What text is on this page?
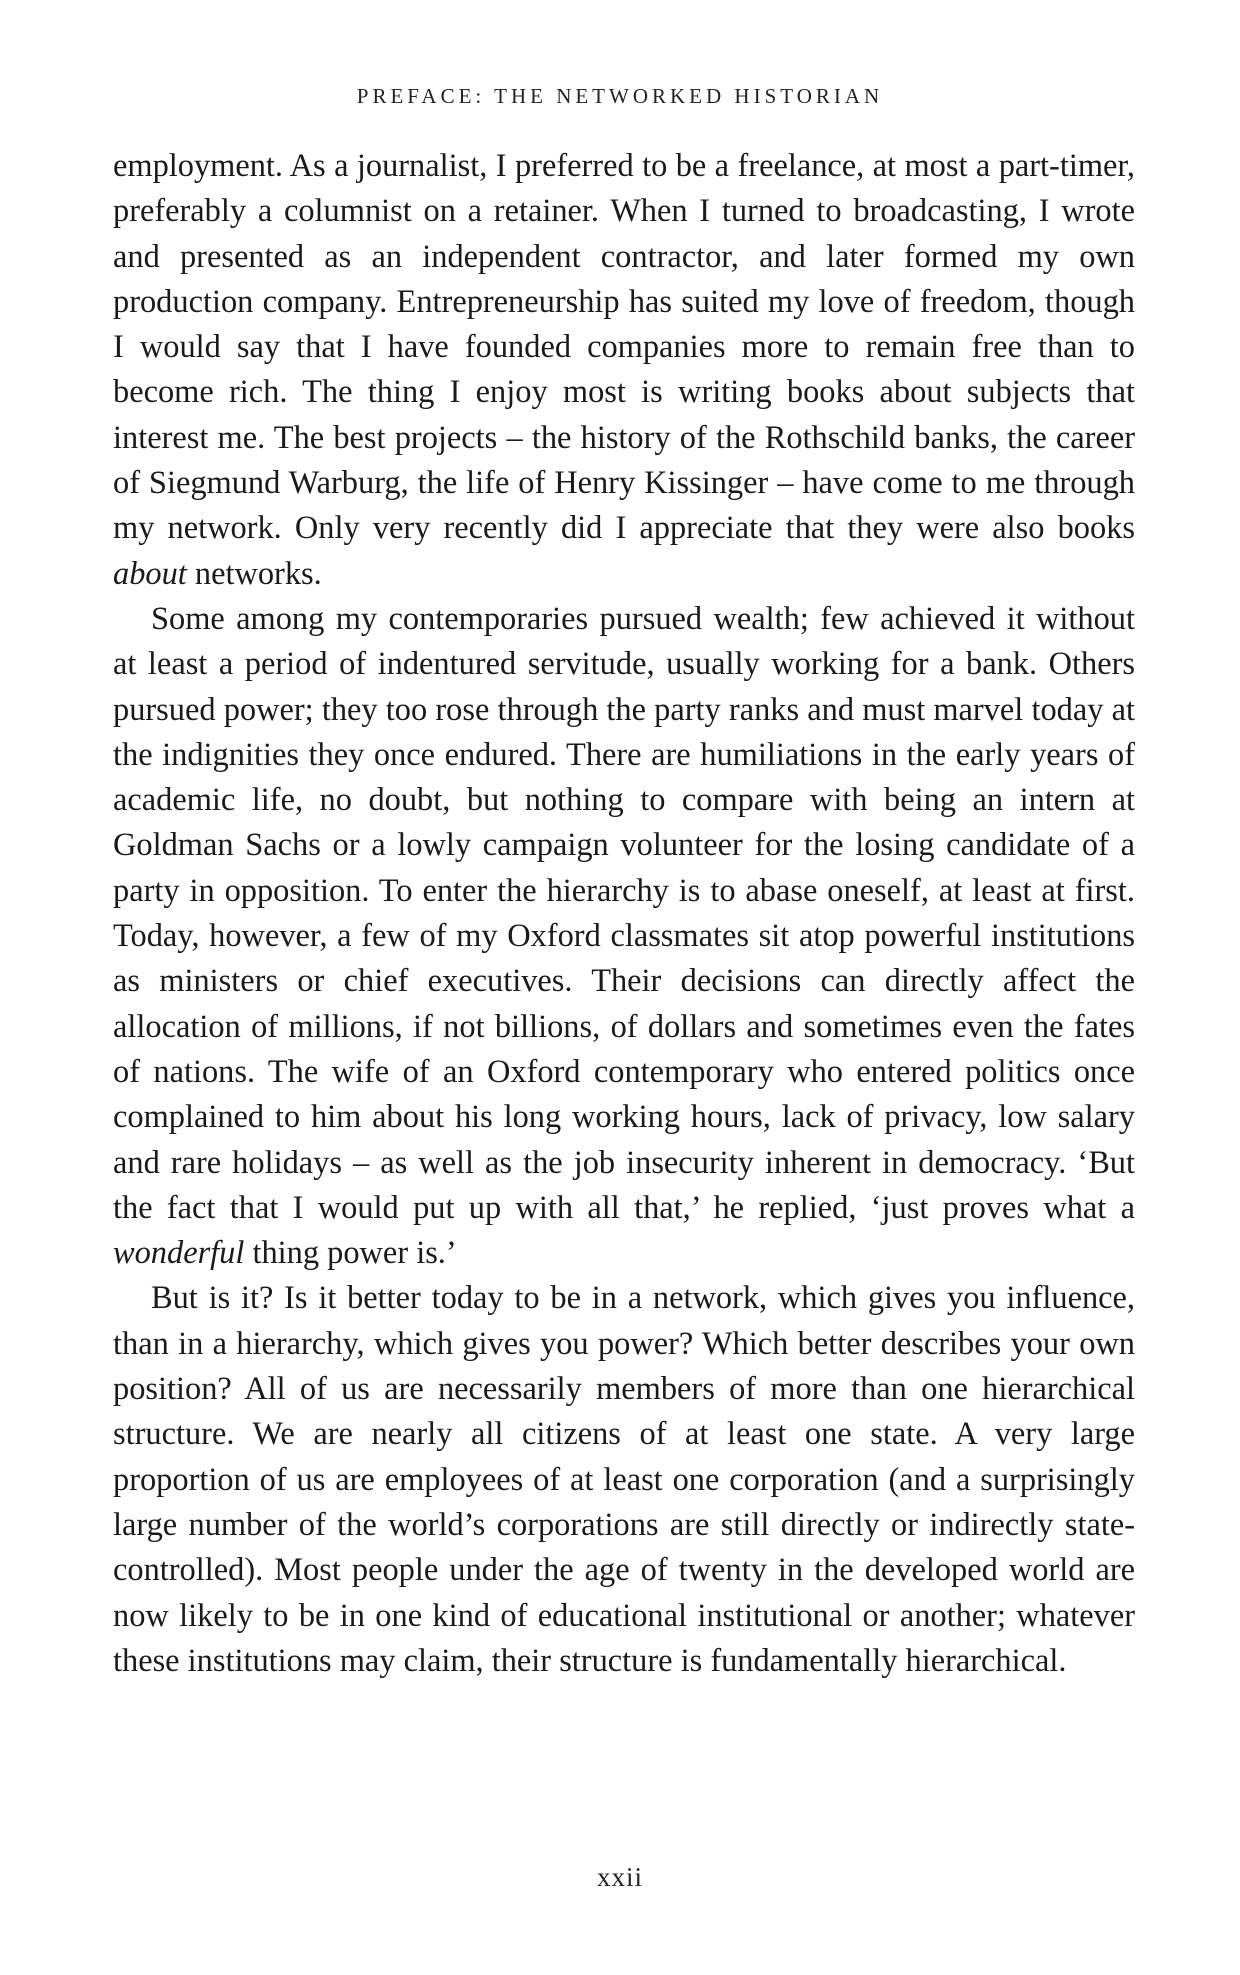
PREFACE: THE NETWORKED HISTORIAN

employment. As a journalist, I preferred to be a freelance, at most a part-timer, preferably a columnist on a retainer. When I turned to broadcasting, I wrote and presented as an independent contractor, and later formed my own production company. Entrepreneurship has suited my love of freedom, though I would say that I have founded companies more to remain free than to become rich. The thing I enjoy most is writing books about subjects that interest me. The best projects – the history of the Rothschild banks, the career of Siegmund Warburg, the life of Henry Kissinger – have come to me through my network. Only very recently did I appreciate that they were also books about networks.

Some among my contemporaries pursued wealth; few achieved it without at least a period of indentured servitude, usually working for a bank. Others pursued power; they too rose through the party ranks and must marvel today at the indignities they once endured. There are humiliations in the early years of academic life, no doubt, but nothing to compare with being an intern at Goldman Sachs or a lowly campaign volunteer for the losing candidate of a party in opposition. To enter the hierarchy is to abase oneself, at least at first. Today, however, a few of my Oxford classmates sit atop powerful institutions as ministers or chief executives. Their decisions can directly affect the allocation of millions, if not billions, of dollars and sometimes even the fates of nations. The wife of an Oxford contemporary who entered politics once complained to him about his long working hours, lack of privacy, low salary and rare holidays – as well as the job insecurity inherent in democracy. ‘But the fact that I would put up with all that,’ he replied, ‘just proves what a wonderful thing power is.’

But is it? Is it better today to be in a network, which gives you influence, than in a hierarchy, which gives you power? Which better describes your own position? All of us are necessarily members of more than one hierarchical structure. We are nearly all citizens of at least one state. A very large proportion of us are employees of at least one corporation (and a surprisingly large number of the world’s corporations are still directly or indirectly state-controlled). Most people under the age of twenty in the developed world are now likely to be in one kind of educational institutional or another; whatever these institutions may claim, their structure is fundamentally hierarchical.

xxii
